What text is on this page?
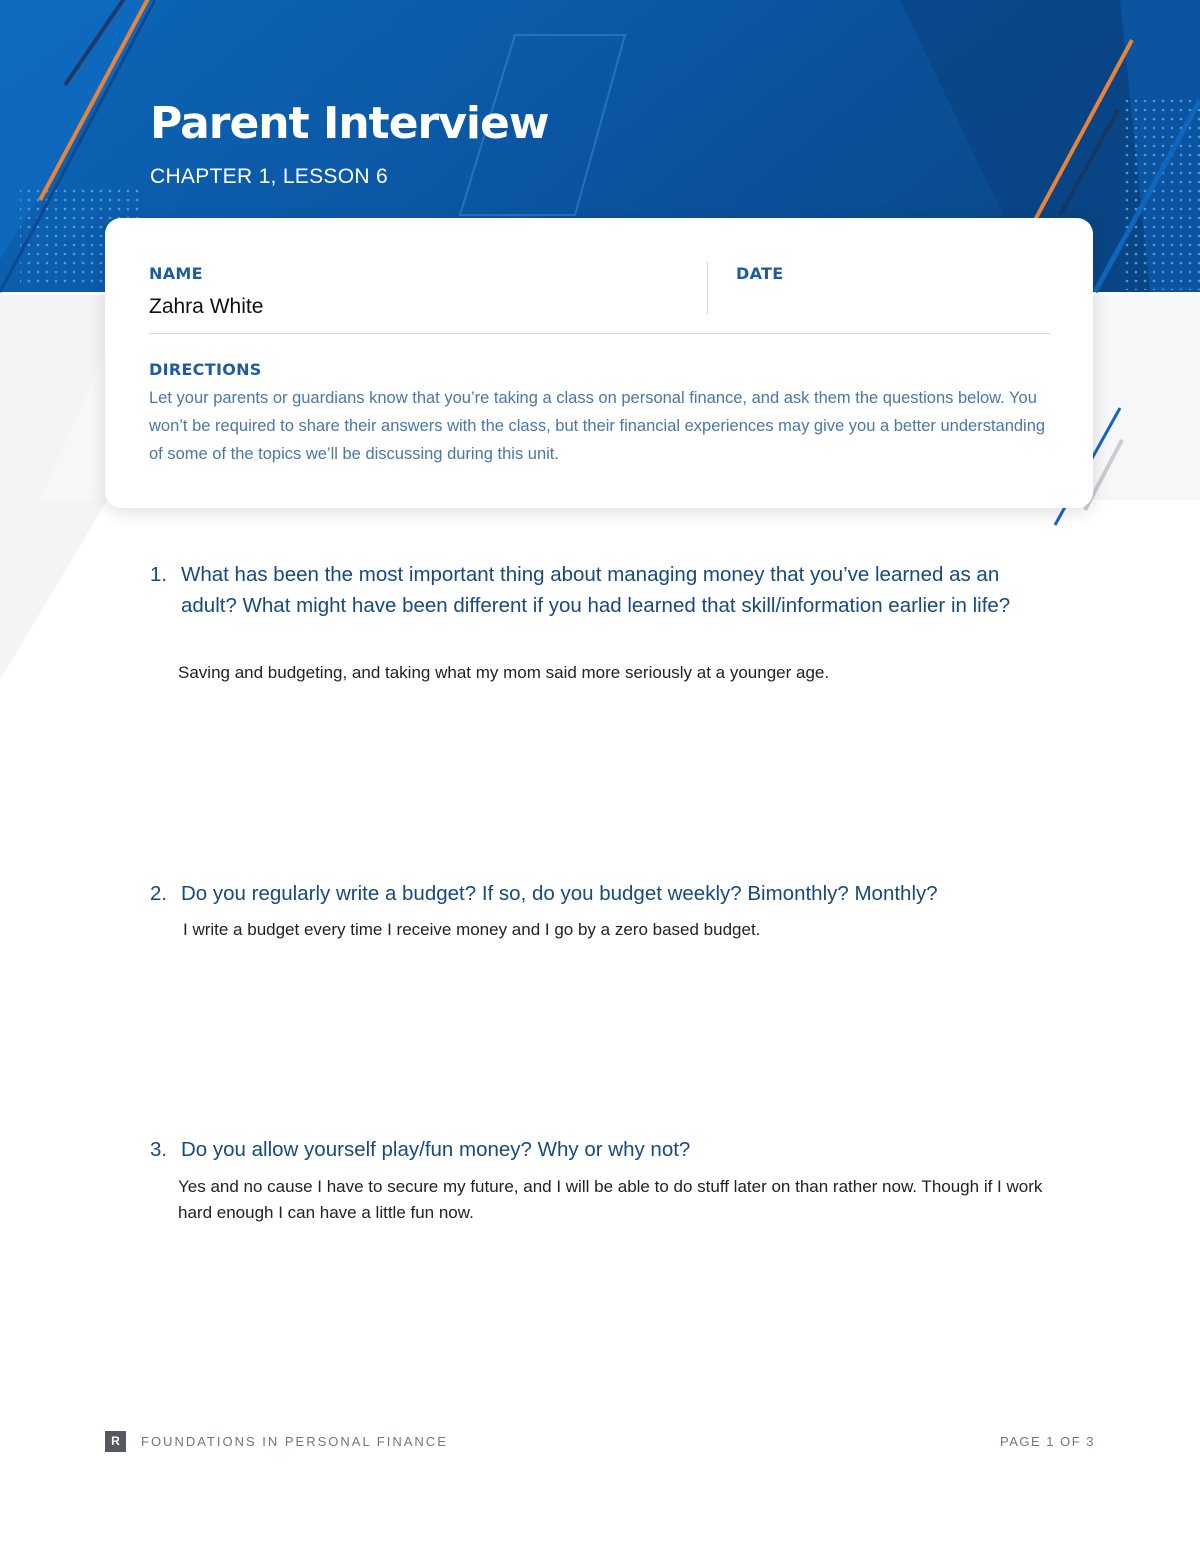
Parent Interview
CHAPTER 1, LESSON 6
NAME
Zahra White
DATE
DIRECTIONS
Let your parents or guardians know that you’re taking a class on personal finance, and ask them the questions below. You won’t be required to share their answers with the class, but their financial experiences may give you a better understanding of some of the topics we’ll be discussing during this unit.
1. What has been the most important thing about managing money that you’ve learned as an adult? What might have been different if you had learned that skill/information earlier in life?
Saving and budgeting, and taking what my mom said more seriously at a younger age.
2. Do you regularly write a budget? If so, do you budget weekly? Bimonthly? Monthly?
I write a budget every time I receive money and I go by a zero based budget.
3. Do you allow yourself play/fun money? Why or why not?
Yes and no cause I have to secure my future, and I will be able to do stuff later on than rather now. Though if I work hard enough I can have a little fun now.
R	FOUNDATIONS IN PERSONAL FINANCE	PAGE 1 OF 3
